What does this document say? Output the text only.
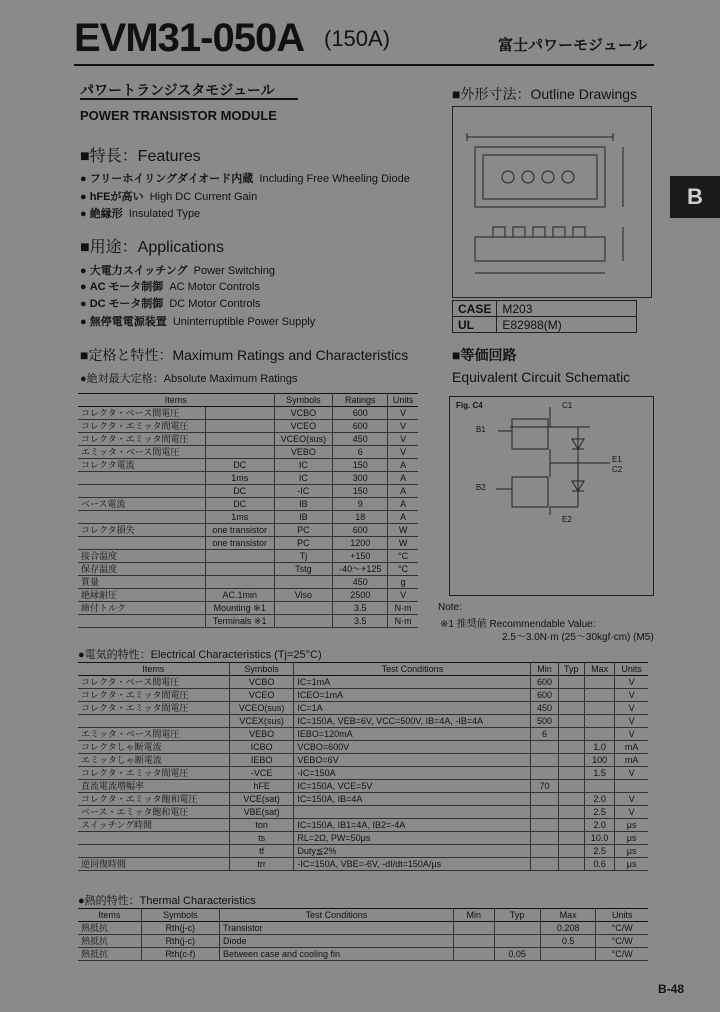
EVM31-050A (150A)	富士パワーモジュール
パワートランジスタモジュール
POWER TRANSISTOR MODULE
■特長：Features
● フリーホイリングダイオード内蔵 Including Free Wheeling Diode
● hFEが高い High DC Current Gain
● 絶縁形 Insulated Type
■用途：Applications
● 大電力スイッチング Power Switching
● AC モータ制御 AC Motor Controls
● DC モータ制御 DC Motor Controls
● 無停電電源装置 Uninterruptible Power Supply
■外形寸法：Outline Drawings
B
CASE	M203
UL	E82988(M)
■定格と特性：Maximum Ratings and Characteristics
●絶対最大定格：Absolute Maximum Ratings
Items		Symbols	Ratings	Units
コレクタ・ベース間電圧		VCBO	600	V
コレクタ・エミッタ間電圧		VCEO	600	V
コレクタ・エミッタ間電圧		VCEO(sus)	450	V
エミッタ・ベース間電圧		VEBO	6	V
コレクタ電流	DC	IC	150	A
	1ms	IC	300	A
	DC	-IC	150	A
ベース電流	DC	IB	9	A
	1ms	IB	18	A
コレクタ損失	one transistor	PC	600	W
	one transistor	PC	1200	W
接合温度		Tj	+150	°C
保存温度		Tstg	-40～+125	°C
質量			450	g
絶縁耐圧	AC.1min	Viso	2500	V
締付トルク	Mounting ※1		3.5	N·m
	Terminals ※1		3.5	N·m
■等価回路
Equivalent Circuit Schematic
Fig. C4	C1
B1
E1
C2
B2
E2
Note:
※1 推奨値 Recommendable Value:
2.5～3.0N·m (25～30kgf·cm) (M5)
●電気的特性：Electrical Characteristics (Tj=25°C)
Items	Symbols	Test Conditions	Min	Typ	Max	Units
コレクタ・ベース間電圧	VCBO	IC=1mA	600			V
コレクタ・エミッタ間電圧	VCEO	ICEO=1mA	600			V
コレクタ・エミッタ間電圧	VCEO(sus)	IC=1A	450			V
	VCEX(sus)	IC=150A, VEB=6V, VCC=500V, IB=4A, -IB=4A	500			V
エミッタ・ベース間電圧	VEBO	IEBO=120mA	6			V
コレクタしゃ断電流	ICBO	VCBO=600V			1.0	mA
エミッタしゃ断電流	IEBO	VEBO=6V			100	mA
コレクタ・エミッタ間電圧	-VCE	-IC=150A			1.5	V
直流電流増幅率	hFE	IC=150A, VCE=5V	70			
コレクタ・エミッタ飽和電圧	VCE(sat)	IC=150A, IB=4A			2.0	V
ベース・エミッタ飽和電圧	VBE(sat)				2.5	V
スイッチング時間	ton	IC=150A, IB1=4A, IB2=-4A			2.0	μs
	ts	RL=2Ω, PW=50μs			10.0	μs
	tf	Duty≦2%			2.5	μs
逆回復時間	trr	-IC=150A, VBE=-6V, -dI/dt=150A/μs			0.6	μs
●熱的特性：Thermal Characteristics
Items	Symbols	Test Conditions	Min	Typ	Max	Units
熱抵抗	Rth(j-c)	Transistor			0.208	°C/W
熱抵抗	Rth(j-c)	Diode			0.5	°C/W
熱抵抗	Rth(c-f)	Between case and cooling fin		0.05		°C/W
B-48
